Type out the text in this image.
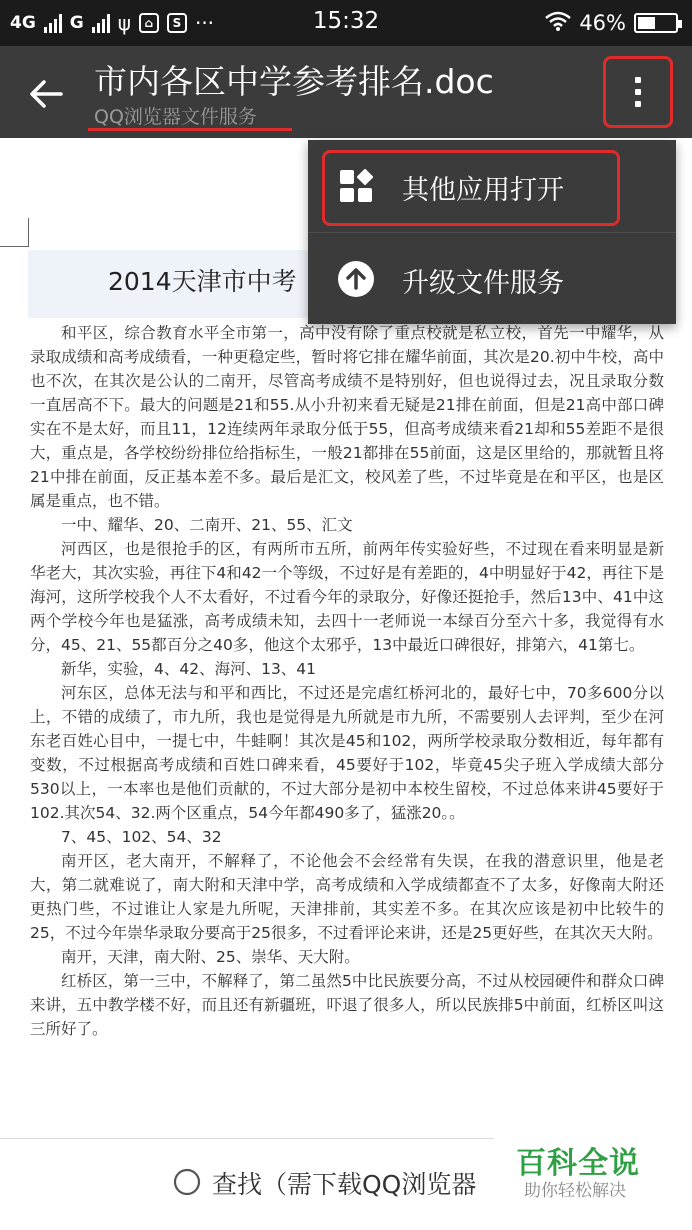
4G G ψ	⌂	S ···	15:32	46%
市内各区中学参考排名.doc
QQ浏览器文件服务
2014天津市中考

和平区，综合教育水平全市第一，高中没有除了重点校就是私立校，首先一中耀华，从录取成绩和高考成绩看，一种更稳定些，暂时将它排在耀华前面，其次是20.初中牛校，高中也不次，在其次是公认的二南开，尽管高考成绩不是特别好，但也说得过去，况且录取分数一直居高不下。最大的问题是21和55.从小升初来看无疑是21排在前面，但是21高中部口碑实在不是太好，而且11，12连续两年录取分低于55，但高考成绩来看21却和55差距不是很大，重点是，各学校纷纷排位给指标生，一般21都排在55前面，这是区里给的，那就暂且将21中排在前面，反正基本差不多。最后是汇文，校风差了些，不过毕竟是在和平区，也是区属是重点，也不错。

一中、耀华、20、二南开、21、55、汇文

河西区，也是很抢手的区，有两所市五所，前两年传实验好些，不过现在看来明显是新华老大，其次实验，再往下4和42一个等级，不过好是有差距的，4中明显好于42，再往下是海河，这所学校我个人不太看好，不过看今年的录取分，好像还挺抢手，然后13中、41中这两个学校今年也是猛涨，高考成绩未知，去四十一老师说一本绿百分至六十多，我觉得有水分，45、21、55都百分之40多，他这个太邪乎，13中最近口碑很好，排第六，41第七。

新华，实验，4、42、海河、13、41

河东区，总体无法与和平和西比，不过还是完虐红桥河北的，最好七中，70多600分以上，不错的成绩了，市九所，我也是觉得是九所就是市九所，不需要别人去评判，至少在河东老百姓心目中，一提七中，牛蛙啊！其次是45和102，两所学校录取分数相近，每年都有变数，不过根据高考成绩和百姓口碑来看，45要好于102，毕竟45尖子班入学成绩大部分530以上，一本率也是他们贡献的，不过大部分是初中本校生留校，不过总体来讲45要好于102.其次54、32.两个区重点，54今年都490多了，猛涨20。。

7、45、102、54、32

南开区，老大南开，不解释了，不论他会不会经常有失误，在我的潜意识里，他是老大，第二就难说了，南大附和天津中学，高考成绩和入学成绩都查不了太多，好像南大附还更热门些，不过谁让人家是九所呢，天津排前，其实差不多。在其次应该是初中比较牛的25，不过今年崇华录取分要高于25很多，不过看评论来讲，还是25更好些，在其次天大附。

南开，天津，南大附、25、崇华、天大附。

红桥区，第一三中，不解释了，第二虽然5中比民族要分高，不过从校园硬件和群众口碑来讲，五中教学楼不好，而且还有新疆班，吓退了很多人，所以民族排5中前面，红桥区叫这三所好了。

其他应用打开
升级文件服务
查找（需下载QQ浏览器
百科全说
助你轻松解决
